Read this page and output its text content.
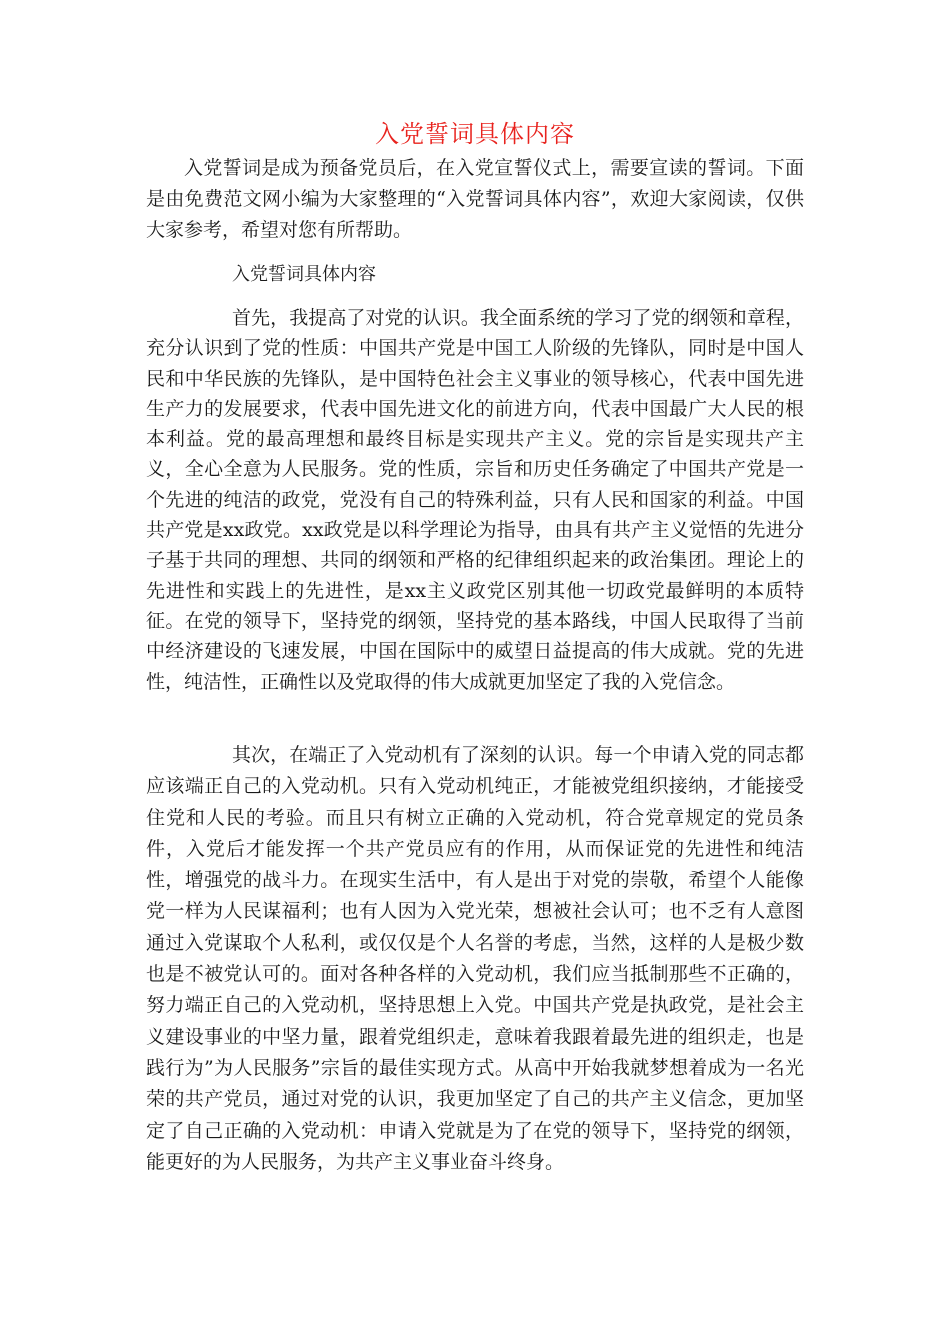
入党誓词具体内容

入党誓词是成为预备党员后，在入党宣誓仪式上，需要宣读的誓词。下面是由免费范文网小编为大家整理的“入党誓词具体内容”，欢迎大家阅读，仅供大家参考，希望对您有所帮助。

入党誓词具体内容

首先，我提高了对党的认识。我全面系统的学习了党的纲领和章程，充分认识到了党的性质：中国共产党是中国工人阶级的先锋队，同时是中国人民和中华民族的先锋队，是中国特色社会主义事业的领导核心，代表中国先进生产力的发展要求，代表中国先进文化的前进方向，代表中国最广大人民的根本利益。党的最高理想和最终目标是实现共产主义。党的宗旨是实现共产主义，全心全意为人民服务。党的性质，宗旨和历史任务确定了中国共产党是一个先进的纯洁的政党，党没有自己的特殊利益，只有人民和国家的利益。中国共产党是xx政党。xx政党是以科学理论为指导，由具有共产主义觉悟的先进分子基于共同的理想、共同的纲领和严格的纪律组织起来的政治集团。理论上的先进性和实践上的先进性，是xx主义政党区别其他一切政党最鲜明的本质特征。在党的领导下，坚持党的纲领，坚持党的基本路线，中国人民取得了当前中经济建设的飞速发展，中国在国际中的威望日益提高的伟大成就。党的先进性，纯洁性，正确性以及党取得的伟大成就更加坚定了我的入党信念。

其次，在端正了入党动机有了深刻的认识。每一个申请入党的同志都应该端正自己的入党动机。只有入党动机纯正，才能被党组织接纳，才能接受住党和人民的考验。而且只有树立正确的入党动机，符合党章规定的党员条件，入党后才能发挥一个共产党员应有的作用，从而保证党的先进性和纯洁性，增强党的战斗力。在现实生活中，有人是出于对党的崇敬，希望个人能像党一样为人民谋福利；也有人因为入党光荣，想被社会认可；也不乏有人意图通过入党谋取个人私利，或仅仅是个人名誉的考虑，当然，这样的人是极少数也是不被党认可的。面对各种各样的入党动机，我们应当抵制那些不正确的，努力端正自己的入党动机，坚持思想上入党。中国共产党是执政党，是社会主义建设事业的中坚力量，跟着党组织走，意味着我跟着最先进的组织走，也是践行为”为人民服务”宗旨的最佳实现方式。从高中开始我就梦想着成为一名光荣的共产党员，通过对党的认识，我更加坚定了自己的共产主义信念，更加坚定了自己正确的入党动机：申请入党就是为了在党的领导下，坚持党的纲领，能更好的为人民服务，为共产主义事业奋斗终身。
